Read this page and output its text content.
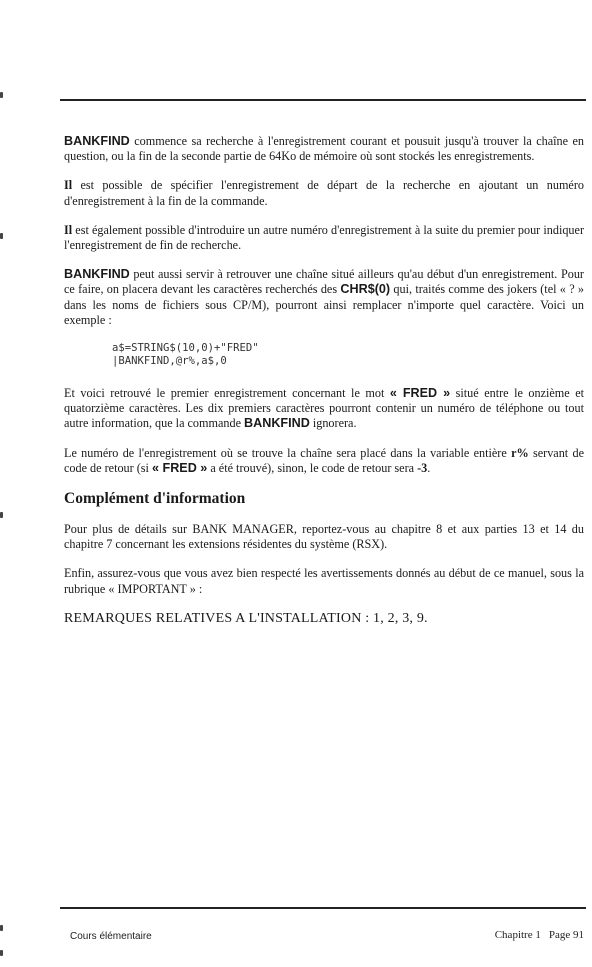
BANKFIND commence sa recherche à l'enregistrement courant et pousuit jusqu'à trouver la chaîne en question, ou la fin de la seconde partie de 64Ko de mémoire où sont stockés les enregistrements.

Il est possible de spécifier l'enregistrement de départ de la recherche en ajoutant un numéro d'enregistrement à la fin de la commande.

Il est également possible d'introduire un autre numéro d'enregistrement à la suite du premier pour indiquer l'enregistrement de fin de recherche.

BANKFIND peut aussi servir à retrouver une chaîne situé ailleurs qu'au début d'un enregistrement. Pour ce faire, on placera devant les caractères recherchés des CHR$(0) qui, traités comme des jokers (tel « ? » dans les noms de fichiers sous CP/M), pourront ainsi remplacer n'importe quel caractère. Voici un exemple :

a$=STRING$(10,0)+"FRED"
|BANKFIND,@r%,a$,0

Et voici retrouvé le premier enregistrement concernant le mot « FRED » situé entre le onzième et quatorzième caractères. Les dix premiers caractères pourront contenir un numéro de téléphone ou tout autre information, que la commande BANKFIND ignorera.

Le numéro de l'enregistrement où se trouve la chaîne sera placé dans la variable entière r% servant de code de retour (si « FRED » a été trouvé), sinon, le code de retour sera -3.

Complément d'information

Pour plus de détails sur BANK MANAGER, reportez-vous au chapitre 8 et aux parties 13 et 14 du chapitre 7 concernant les extensions résidentes du système (RSX).

Enfin, assurez-vous que vous avez bien respecté les avertissements donnés au début de ce manuel, sous la rubrique « IMPORTANT » :

REMARQUES RELATIVES A L'INSTALLATION : 1, 2, 3, 9.

Cours élémentaire	Chapitre 1 Page 91
